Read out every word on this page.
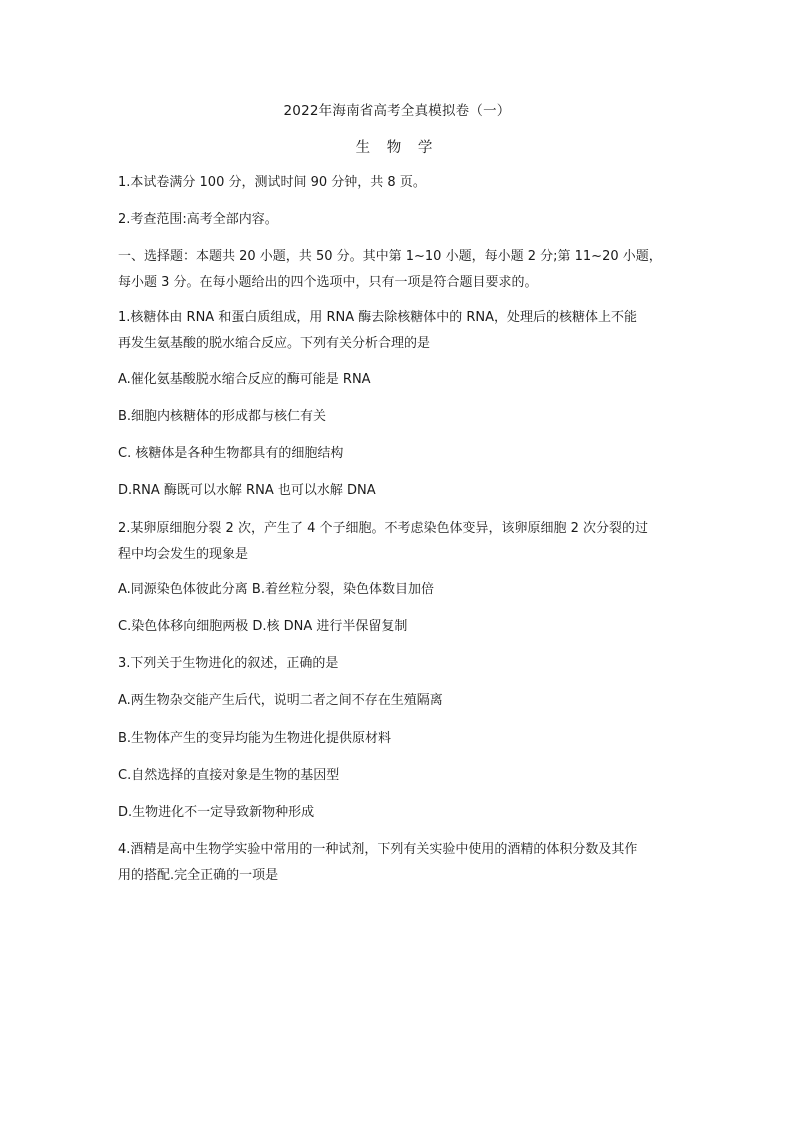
2022年海南省高考全真模拟卷（一）
生 物 学

1.本试卷满分 100 分，测试时间 90 分钟，共 8 页。

2.考查范围:高考全部内容。

一、选择题：本题共 20 小题，共 50 分。其中第 1~10 小题，每小题 2 分;第 11~20 小题，

每小题 3 分。在每小题给出的四个选项中，只有一项是符合题目要求的。

1.核糖体由 RNA 和蛋白质组成，用 RNA 酶去除核糖体中的 RNA，处理后的核糖体上不能

再发生氨基酸的脱水缩合反应。下列有关分析合理的是

A.催化氨基酸脱水缩合反应的酶可能是 RNA

B.细胞内核糖体的形成都与核仁有关

C. 核糖体是各种生物都具有的细胞结构

D.RNA 酶既可以水解 RNA 也可以水解 DNA

2.某卵原细胞分裂 2 次，产生了 4 个子细胞。不考虑染色体变异，该卵原细胞 2 次分裂的过

程中均会发生的现象是

A.同源染色体彼此分离 B.着丝粒分裂，染色体数目加倍

C.染色体移向细胞两极 D.核 DNA 进行半保留复制

3.下列关于生物进化的叙述，正确的是

A.两生物杂交能产生后代，说明二者之间不存在生殖隔离

B.生物体产生的变异均能为生物进化提供原材料

C.自然选择的直接对象是生物的基因型

D.生物进化不一定导致新物种形成

4.酒精是高中生物学实验中常用的一种试剂，下列有关实验中使用的酒精的体积分数及其作

用的搭配.完全正确的一项是
